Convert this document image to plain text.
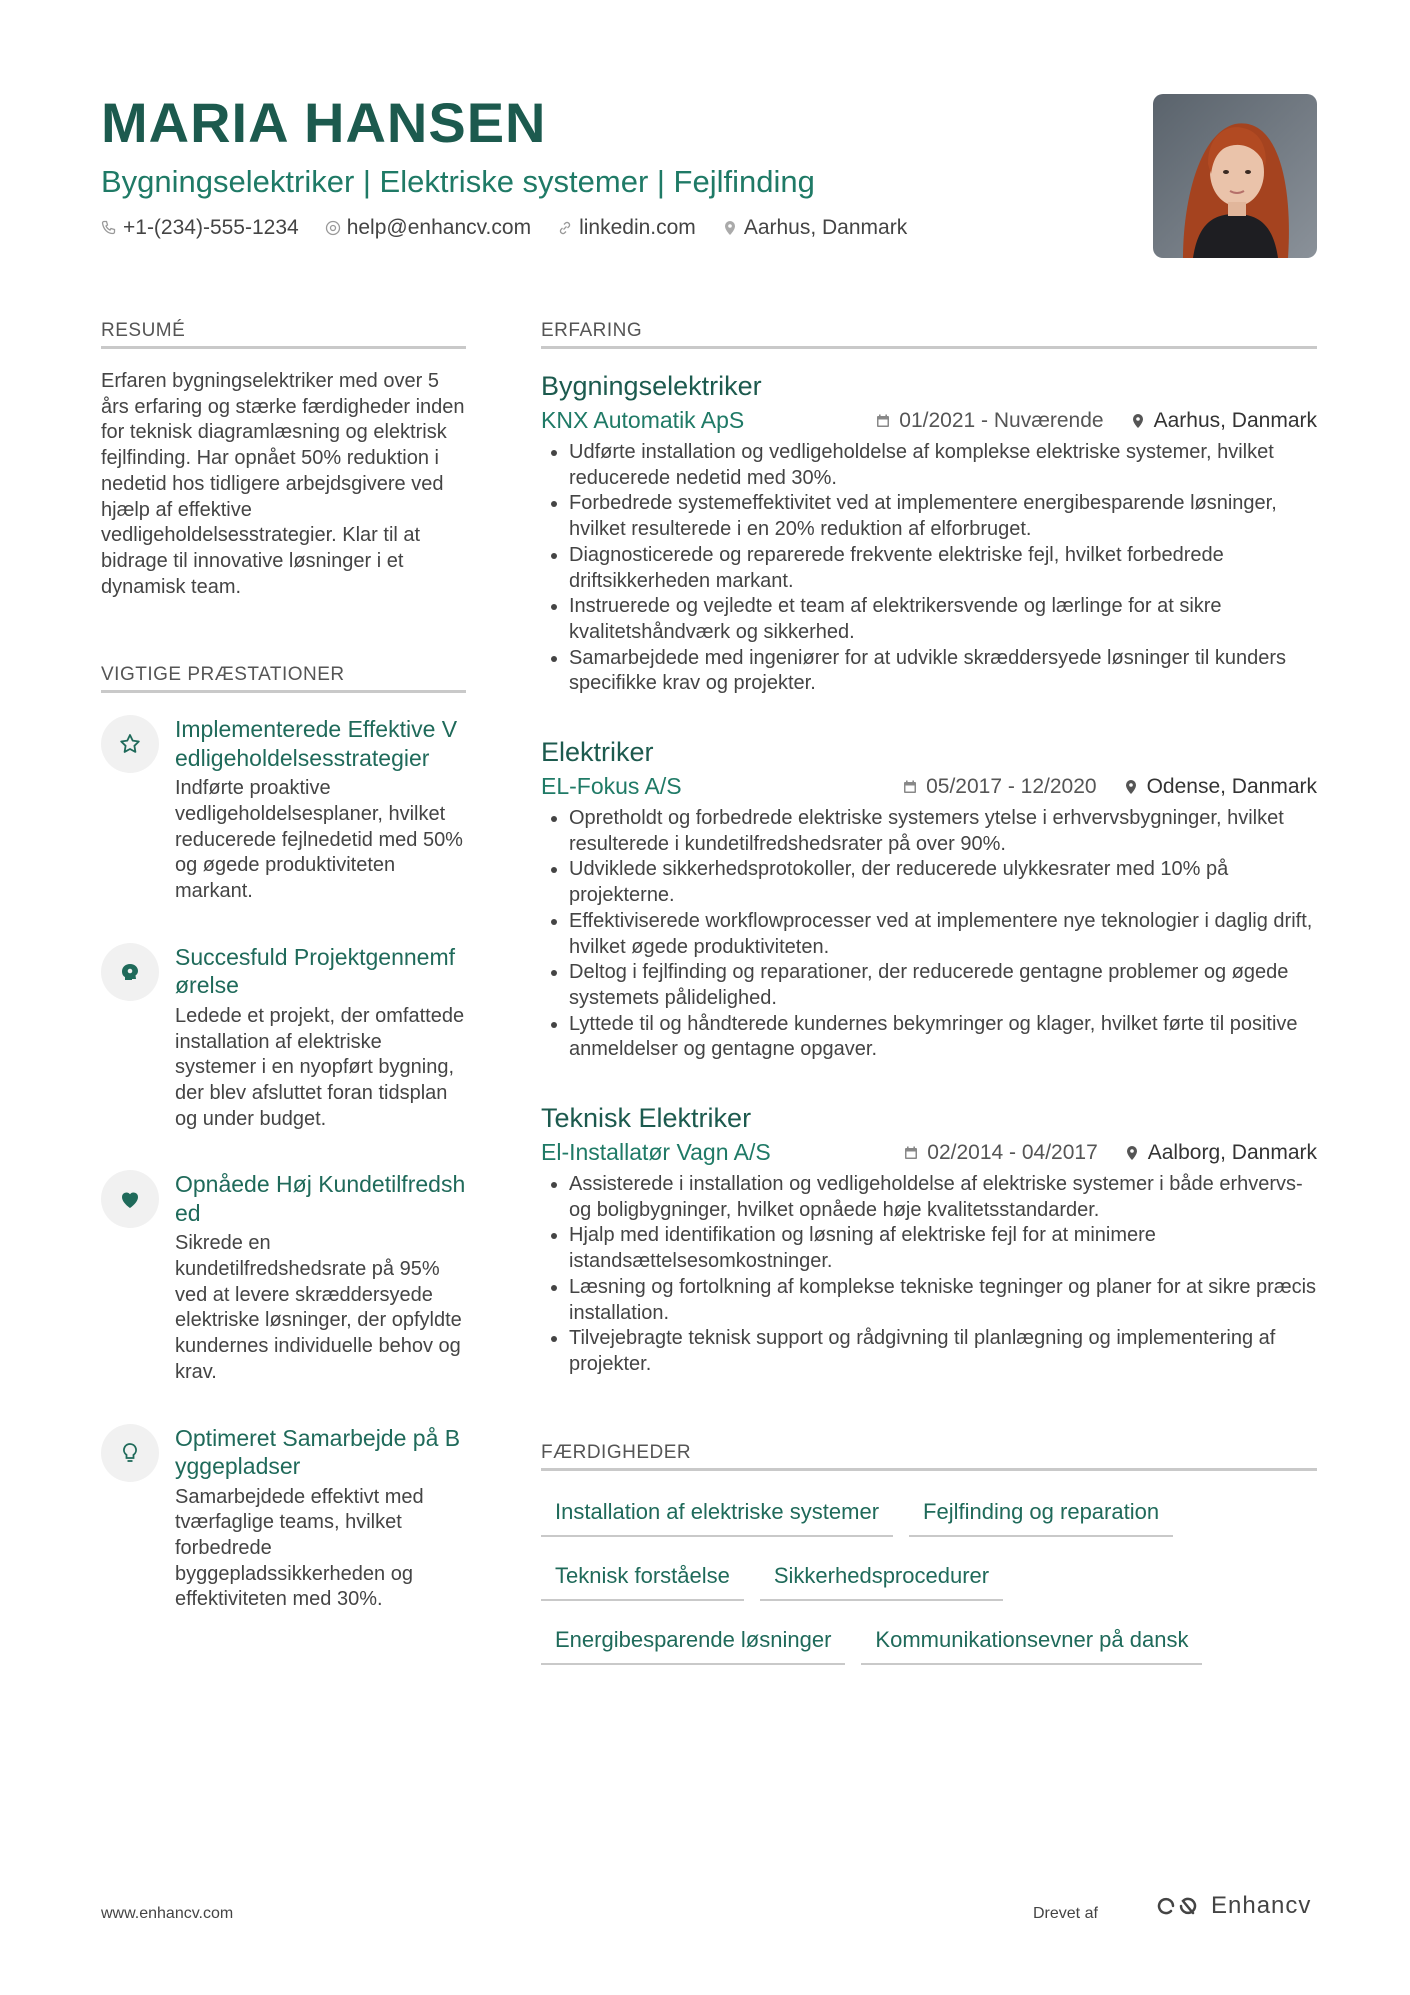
MARIA HANSEN
Bygningselektriker | Elektriske systemer | Fejlfinding
+1-(234)-555-1234 help@enhancv.com linkedin.com Aarhus, Danmark
RESUMÉ
Erfaren bygningselektriker med over 5 års erfaring og stærke færdigheder inden for teknisk diagramlæsning og elektrisk fejlfinding. Har opnået 50% reduktion i nedetid hos tidligere arbejdsgivere ved hjælp af effektive vedligeholdelsesstrategier. Klar til at bidrage til innovative løsninger i et dynamisk team.
VIGTIGE PRÆSTATIONER
Implementerede Effektive Vedligeholdelsesstrategier
Indførte proaktive vedligeholdelsesplaner, hvilket reducerede fejlnedetid med 50% og øgede produktiviteten markant.
Succesfuld Projektgennemførelse
Ledede et projekt, der omfattede installation af elektriske systemer i en nyopført bygning, der blev afsluttet foran tidsplan og under budget.
Opnåede Høj Kundetilfredshed
Sikrede en kundetilfredshedsrate på 95% ved at levere skræddersyede elektriske løsninger, der opfyldte kundernes individuelle behov og krav.
Optimeret Samarbejde på Byggepladser
Samarbejdede effektivt med tværfaglige teams, hvilket forbedrede byggepladssikkerheden og effektiviteten med 30%.
ERFARING
Bygningselektriker
KNX Automatik ApS	01/2021 - Nuværende Aarhus, Danmark
• Udførte installation og vedligeholdelse af komplekse elektriske systemer, hvilket reducerede nedetid med 30%.
• Forbedrede systemeffektivitet ved at implementere energibesparende løsninger, hvilket resulterede i en 20% reduktion af elforbruget.
• Diagnosticerede og reparerede frekvente elektriske fejl, hvilket forbedrede driftsikkerheden markant.
• Instruerede og vejledte et team af elektrikersvende og lærlinge for at sikre kvalitetshåndværk og sikkerhed.
• Samarbejdede med ingeniører for at udvikle skræddersyede løsninger til kunders specifikke krav og projekter.
Elektriker
EL-Fokus A/S	05/2017 - 12/2020 Odense, Danmark
• Opretholdt og forbedrede elektriske systemers ytelse i erhvervsbygninger, hvilket resulterede i kundetilfredshedsrater på over 90%.
• Udviklede sikkerhedsprotokoller, der reducerede ulykkesrater med 10% på projekterne.
• Effektiviserede workflowprocesser ved at implementere nye teknologier i daglig drift, hvilket øgede produktiviteten.
• Deltog i fejlfinding og reparationer, der reducerede gentagne problemer og øgede systemets pålidelighed.
• Lyttede til og håndterede kundernes bekymringer og klager, hvilket førte til positive anmeldelser og gentagne opgaver.
Teknisk Elektriker
El-Installatør Vagn A/S	02/2014 - 04/2017 Aalborg, Danmark
• Assisterede i installation og vedligeholdelse af elektriske systemer i både erhvervs- og boligbygninger, hvilket opnåede høje kvalitetsstandarder.
• Hjalp med identifikation og løsning af elektriske fejl for at minimere istandsættelsesomkostninger.
• Læsning og fortolkning af komplekse tekniske tegninger og planer for at sikre præcis installation.
• Tilvejebragte teknisk support og rådgivning til planlægning og implementering af projekter.
FÆRDIGHEDER
Installation af elektriske systemer	Fejlfinding og reparation
Teknisk forståelse	Sikkerhedsprocedurer
Energibesparende løsninger	Kommunikationsevner på dansk
www.enhancv.com	Drevet af	Enhancv
